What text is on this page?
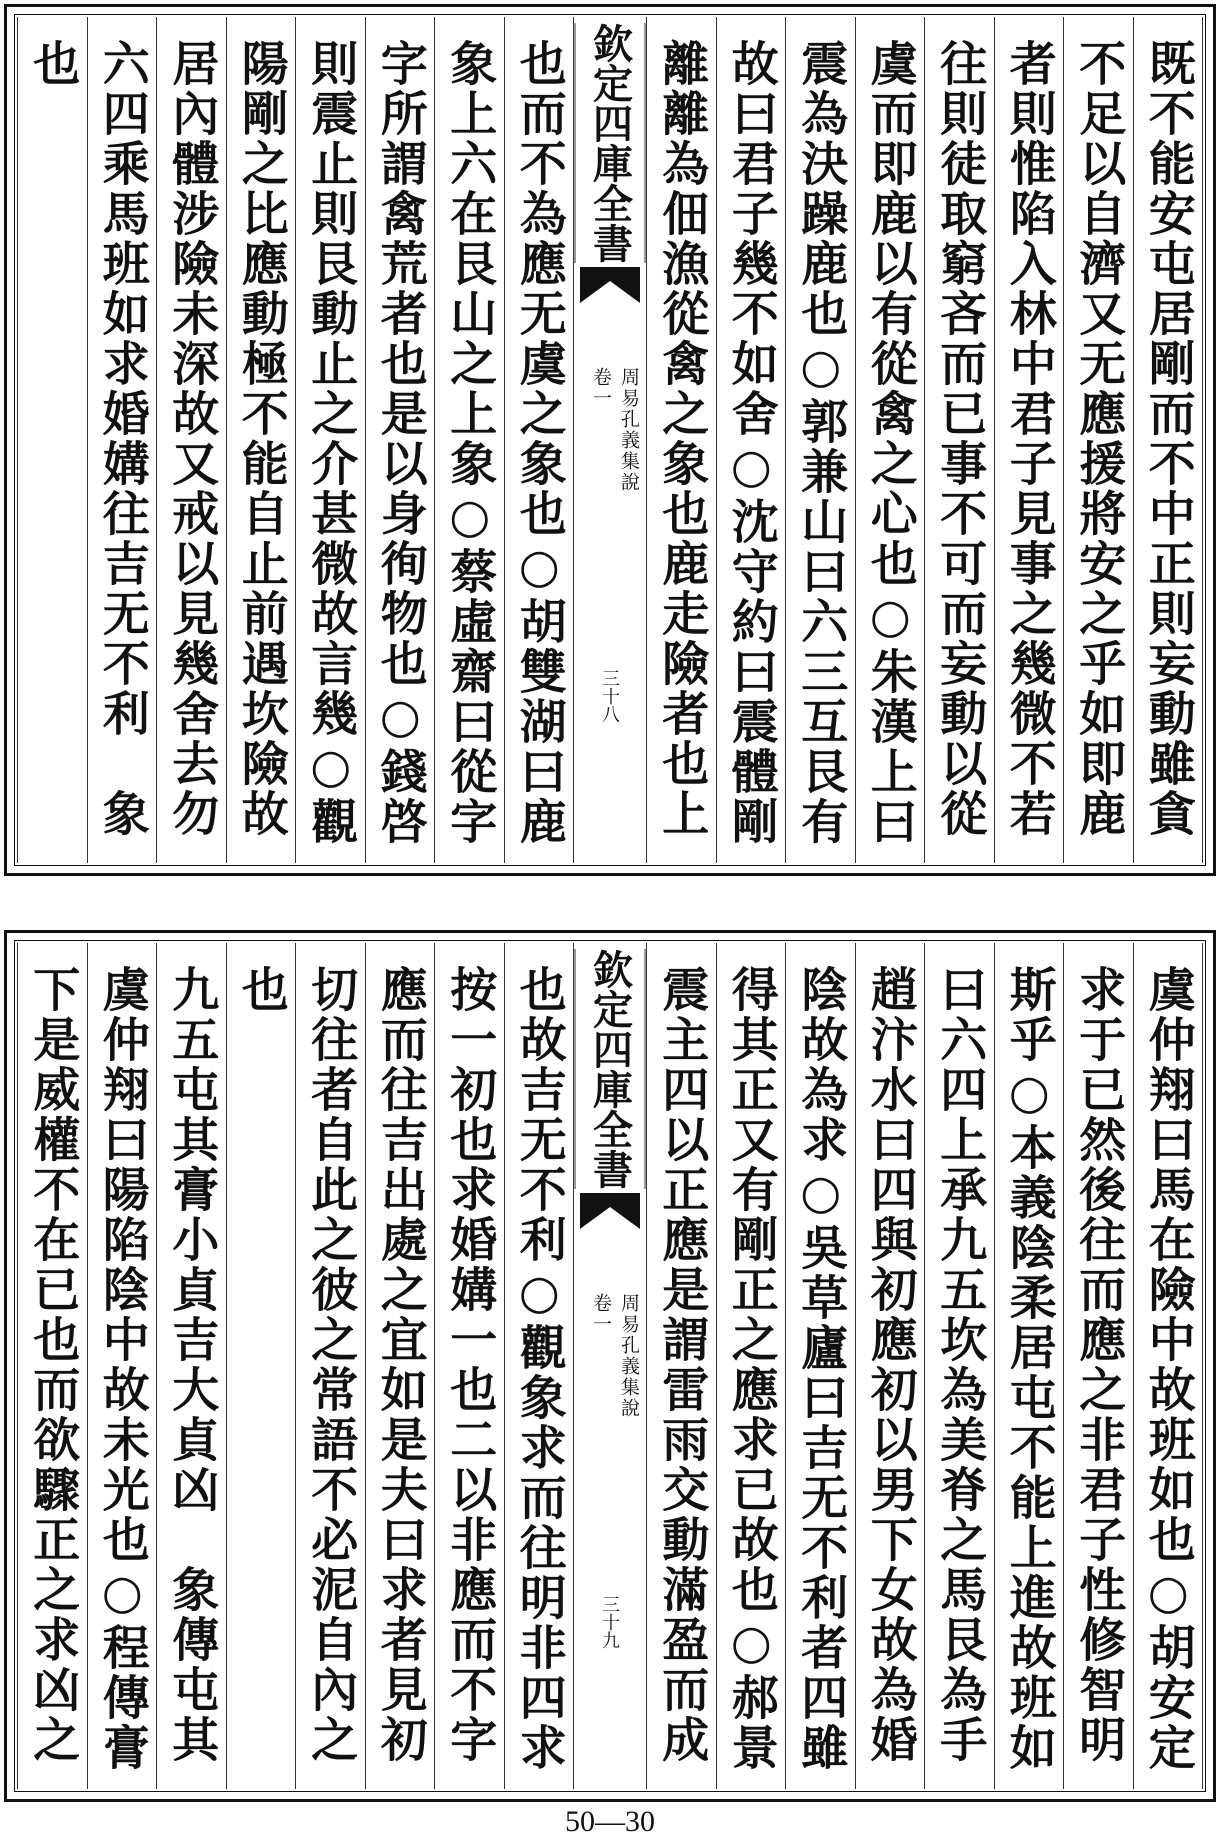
也 六四乘馬班如求婚媾往吉无不利　象
居內體涉險未深故又戒以見幾舍去勿
陽剛之比應動極不能自止前遇坎險故
則震止則艮動止之介甚微故言幾○觀
字所謂禽荒者也是以身徇物也○錢啓
象上六在艮山之上象○蔡虛齋曰從字
也而不為應无虞之象也○胡雙湖曰鹿
欽定四庫全書
周易孔義集說
卷一
三十八
離離為佃漁從禽之象也鹿走險者也上
故曰君子幾不如舍○沈守約曰震體剛
震為決躁鹿也○郭兼山曰六三互艮有
虞而即鹿以有從禽之心也○朱漢上曰
往則徒取窮吝而已事不可而妄動以從
者則惟陷入林中君子見事之幾微不若
不足以自濟又无應援將安之乎如即鹿
既不能安屯居剛而不中正則妄動雖貪
下是威權不在已也而欲驟正之求凶之
虞仲翔曰陽陷陰中故未光也○程傳膏
九五屯其膏小貞吉大貞凶　象傳屯其
也 切往者自此之彼之常語不必泥自內之
應而往吉出處之宜如是夫曰求者見初
按一初也求婚媾一也二以非應而不字
也故吉无不利○觀象求而往明非四求
欽定四庫全書
周易孔義集說
卷一
三十九
震主四以正應是謂雷雨交動滿盈而成
得其正又有剛正之應求已故也○郝景
陰故為求○吳草廬曰吉无不利者四雖
趙汴水曰四與初應初以男下女故為婚
曰六四上承九五坎為美脊之馬艮為手
斯乎○本義陰柔居屯不能上進故班如
求于已然後往而應之非君子性修智明
虞仲翔曰馬在險中故班如也○胡安定
50—30
